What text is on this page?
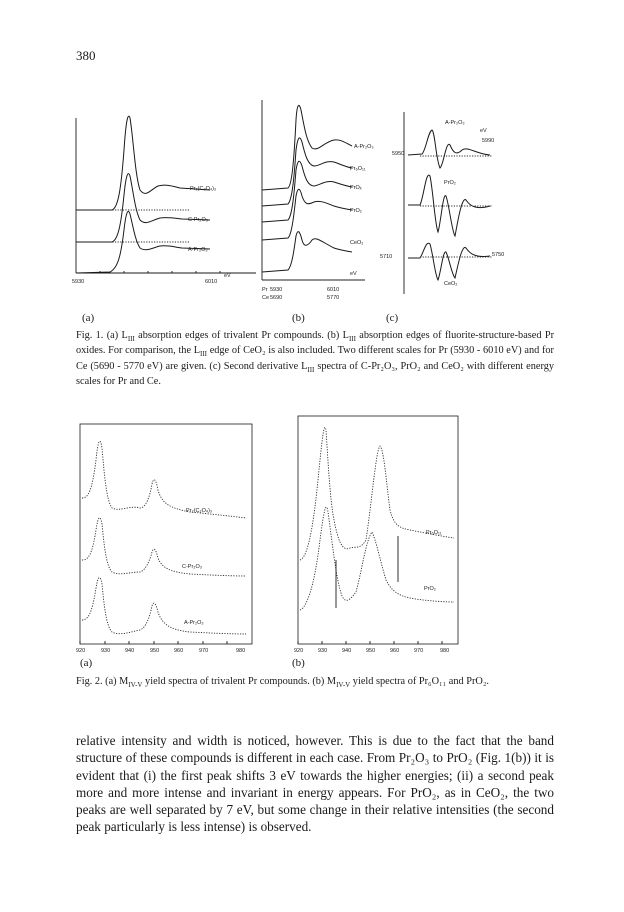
380
Pr₂(C₂O₄)₃
C-Pr₂O₃
A-Pr₂O₃
5930	6010
eV
(a)
A-Pr₂O₃
Pr₆O₁₁
PrOₓ
PrO₂
CeO₂
eV
Pr 5930	6010
Ce 5690	5770
(b)
A-Pr₂O₃
PrO₂
CeO₂
eV
5950
5990
5710	5750
(c)
Fig. 1. (a) $L_{III}$ absorption edges of trivalent Pr compounds. (b) $L_{III}$ absorption edges of fluorite-structure-based Pr oxides. For comparison, the $L_{III}$ edge of CeO₂ is also included. Two different scales for Pr (5930 - 6010 eV) and for Ce (5690 - 5770 eV) are given. (c) Second derivative $L_{III}$ spectra of C-Pr₂O₃, PrO₂ and CeO₂ with different energy scales for Pr and Ce.
Pr₂(C₂O₄)₃
C-Pr₂O₃
A-Pr₂O₃
920	930	940	950	960	970	980
(a)
Pr₆O₁₁
PrO₂
920	930	940	950	960	970	980
(b)
Fig. 2. (a) $M_{IV-V}$ yield spectra of trivalent Pr compounds. (b) $M_{IV-V}$ yield spectra of Pr₆O₁₁ and PrO₂.
relative intensity and width is noticed, however. This is due to the fact that the band structure of these compounds is different in each case. From Pr₂O₃ to PrO₂ (Fig. 1(b)) it is evident that (i) the first peak shifts 3 eV towards the higher energies; (ii) a second peak more and more intense and invariant in energy appears. For PrO₂, as in CeO₂, the two peaks are well separated by 7 eV, but some change in their relative intensities (the second peak particularly is less intense) is observed.
